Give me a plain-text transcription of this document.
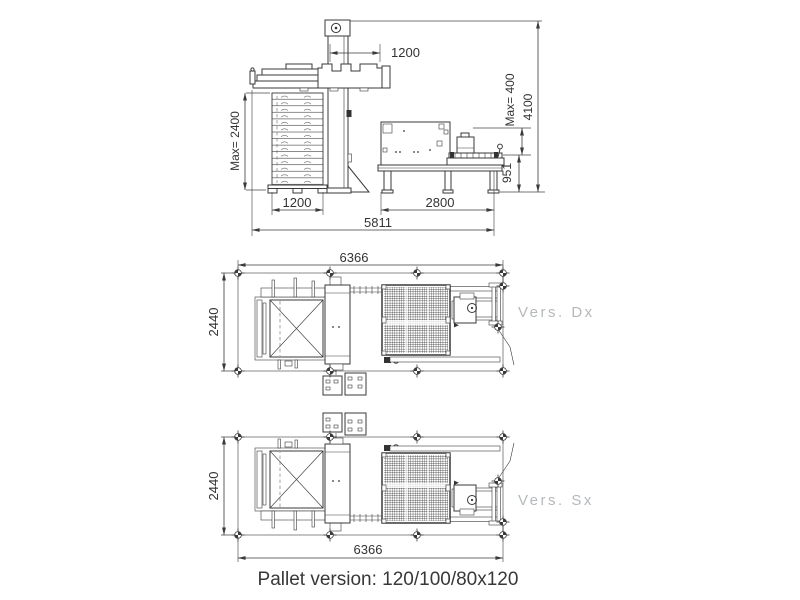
1200
Max= 2400
1200	2800
5811
951
Max= 400 4100
6366
2440	Vers. Dx
6366
2440
Vers. Sx
Pallet version: 120/100/80x120
